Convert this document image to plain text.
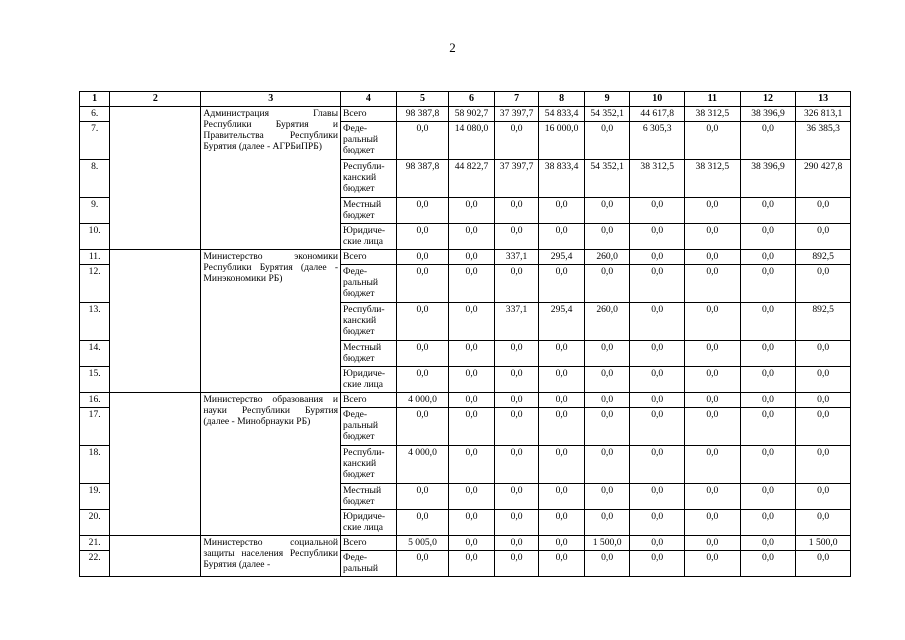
2
1	2	3	4	5	6	7	8	9	10	11	12	13
6.		Администрация Главы Республики Бурятия и Правительства Республики Бурятия (далее - АГРБиПРБ)	Всего	98 387,8	58 902,7	37 397,7	54 833,4	54 352,1	44 617,8	38 312,5	38 396,9	326 813,1
7.			Феде-ральный бюджет	0,0	14 080,0	0,0	16 000,0	0,0	6 305,3	0,0	0,0	36 385,3
8.			Республи-канский бюджет	98 387,8	44 822,7	37 397,7	38 833,4	54 352,1	38 312,5	38 312,5	38 396,9	290 427,8
9.			Местный бюджет	0,0	0,0	0,0	0,0	0,0	0,0	0,0	0,0	0,0
10.			Юридиче-ские лица	0,0	0,0	0,0	0,0	0,0	0,0	0,0	0,0	0,0
11.		Министерство экономики Республики Бурятия (далее - Минэкономики РБ)	Всего	0,0	0,0	337,1	295,4	260,0	0,0	0,0	0,0	892,5
12.			Феде-ральный бюджет	0,0	0,0	0,0	0,0	0,0	0,0	0,0	0,0	0,0
13.			Республи-канский бюджет	0,0	0,0	337,1	295,4	260,0	0,0	0,0	0,0	892,5
14.			Местный бюджет	0,0	0,0	0,0	0,0	0,0	0,0	0,0	0,0	0,0
15.			Юридиче-ские лица	0,0	0,0	0,0	0,0	0,0	0,0	0,0	0,0	0,0
16.		Министерство образования и науки Республики Бурятия (далее - Минобрнауки РБ)	Всего	4 000,0	0,0	0,0	0,0	0,0	0,0	0,0	0,0	0,0
17.			Феде-ральный бюджет	0,0	0,0	0,0	0,0	0,0	0,0	0,0	0,0	0,0
18.			Республи-канский бюджет	4 000,0	0,0	0,0	0,0	0,0	0,0	0,0	0,0	0,0
19.			Местный бюджет	0,0	0,0	0,0	0,0	0,0	0,0	0,0	0,0	0,0
20.			Юридиче-ские лица	0,0	0,0	0,0	0,0	0,0	0,0	0,0	0,0	0,0
21.		Министерство социальной защиты населения Республики Бурятия (далее -	Всего	5 005,0	0,0	0,0	0,0	1 500,0	0,0	0,0	0,0	1 500,0
22.			Феде-ральный	0,0	0,0	0,0	0,0	0,0	0,0	0,0	0,0	0,0
